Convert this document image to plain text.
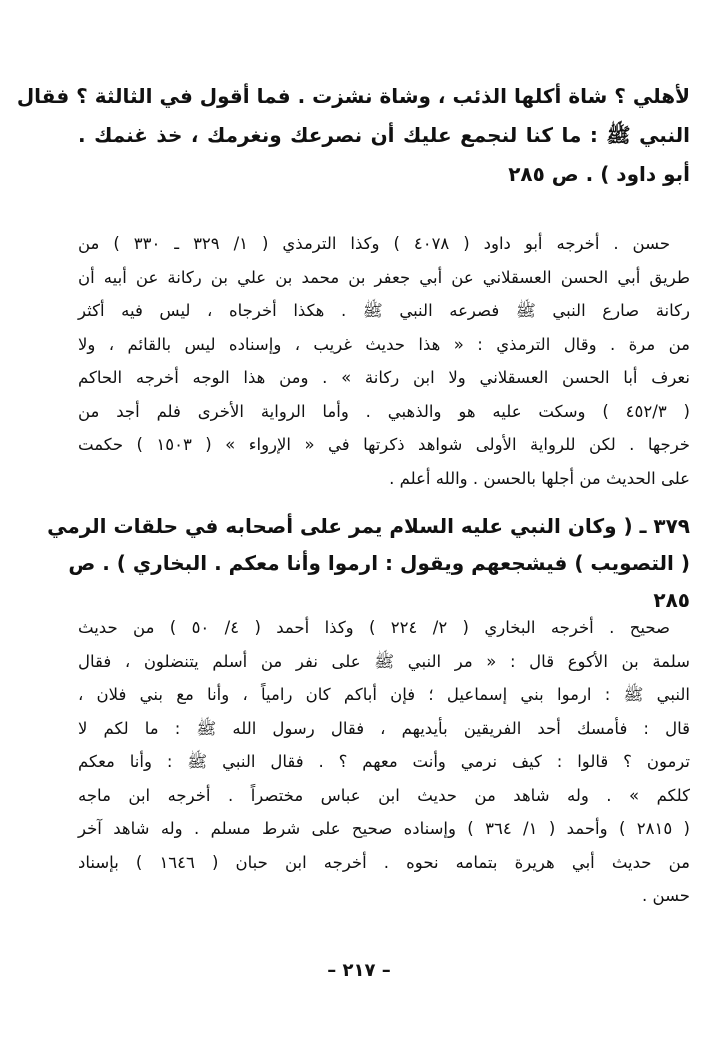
لأهلي ؟ شاة أكلها الذئب ، وشاة نشزت . فما أقول في الثالثة ؟ فقال
النبي ﷺ : ما كنا لنجمع عليك أن نصرعك ونغرمك ، خذ غنمك .
أبو داود ) . ص ٢٨٥
حسن . أخرجه أبو داود ( ٤٠٧٨ ) وكذا الترمذي ( ١/ ٣٢٩ ـ ٣٣٠ ) من
طريق أبي الحسن العسقلاني عن أبي جعفر بن محمد بن علي بن ركانة عن أبيه أن
ركانة صارع النبي ﷺ فصرعه النبي ﷺ . هكذا أخرجاه ، ليس فيه أكثر
من مرة . وقال الترمذي : « هذا حديث غريب ، وإسناده ليس بالقائم ، ولا
نعرف أبا الحسن العسقلاني ولا ابن ركانة » . ومن هذا الوجه أخرجه الحاكم
( ٤٥٢/٣ ) وسكت عليه هو والذهبي . وأما الرواية الأخرى فلم أجد من
خرجها . لكن للرواية الأولى شواهد ذكرتها في « الإرواء » ( ١٥٠٣ ) حكمت
على الحديث من أجلها بالحسن . والله أعلم .
٣٧٩ ـ ( وكان النبي عليه السلام يمر على أصحابه في حلقات الرمي
( التصويب ) فيشجعهم ويقول : ارموا وأنا معكم . البخاري ) . ص
٢٨٥
صحيح . أخرجه البخاري ( ٢/ ٢٢٤ ) وكذا أحمد ( ٤/ ٥٠ ) من حديث
سلمة بن الأكوع قال : « مر النبي ﷺ على نفر من أسلم يتنضلون ، فقال
النبي ﷺ : ارموا بني إسماعيل ؛ فإن أباكم كان رامياً ، وأنا مع بني فلان ،
قال : فأمسك أحد الفريقين بأيديهم ، فقال رسول الله ﷺ : ما لكم لا
ترمون ؟ قالوا : كيف نرمي وأنت معهم ؟ . فقال النبي ﷺ : وأنا معكم
كلكم » . وله شاهد من حديث ابن عباس مختصراً . أخرجه ابن ماجه
( ٢٨١٥ ) وأحمد ( ١/ ٣٦٤ ) وإسناده صحيح على شرط مسلم . وله شاهد آخر
من حديث أبي هريرة بتمامه نحوه . أخرجه ابن حبان ( ١٦٤٦ ) بإسناد
حسن .
– ٢١٧ –
